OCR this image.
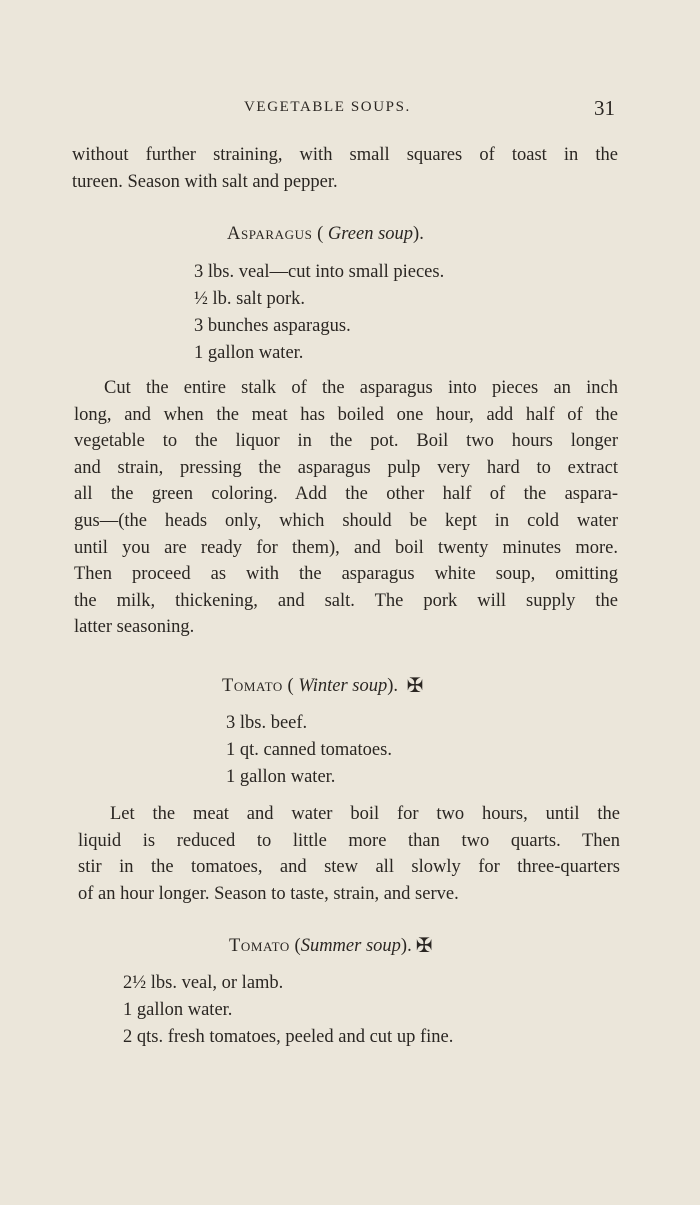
VEGETABLE SOUPS.	31
without further straining, with small squares of toast in the
tureen. Season with salt and pepper.
Asparagus ( Green soup).
3 lbs. veal—cut into small pieces.
½ lb. salt pork.
3 bunches asparagus.
1 gallon water.
Cut the entire stalk of the asparagus into pieces an inch
long, and when the meat has boiled one hour, add half of the
vegetable to the liquor in the pot. Boil two hours longer
and strain, pressing the asparagus pulp very hard to extract
all the green coloring. Add the other half of the aspara-
gus—(the heads only, which should be kept in cold water
until you are ready for them), and boil twenty minutes more.
Then proceed as with the asparagus white soup, omitting
the milk, thickening, and salt. The pork will supply the
latter seasoning.
Tomato ( Winter soup). ✠
3 lbs. beef.
1 qt. canned tomatoes.
1 gallon water.
Let the meat and water boil for two hours, until the
liquid is reduced to little more than two quarts. Then
stir in the tomatoes, and stew all slowly for three-quarters
of an hour longer. Season to taste, strain, and serve.
Tomato (Summer soup). ✠
2½ lbs. veal, or lamb.
1 gallon water.
2 qts. fresh tomatoes, peeled and cut up fine.
